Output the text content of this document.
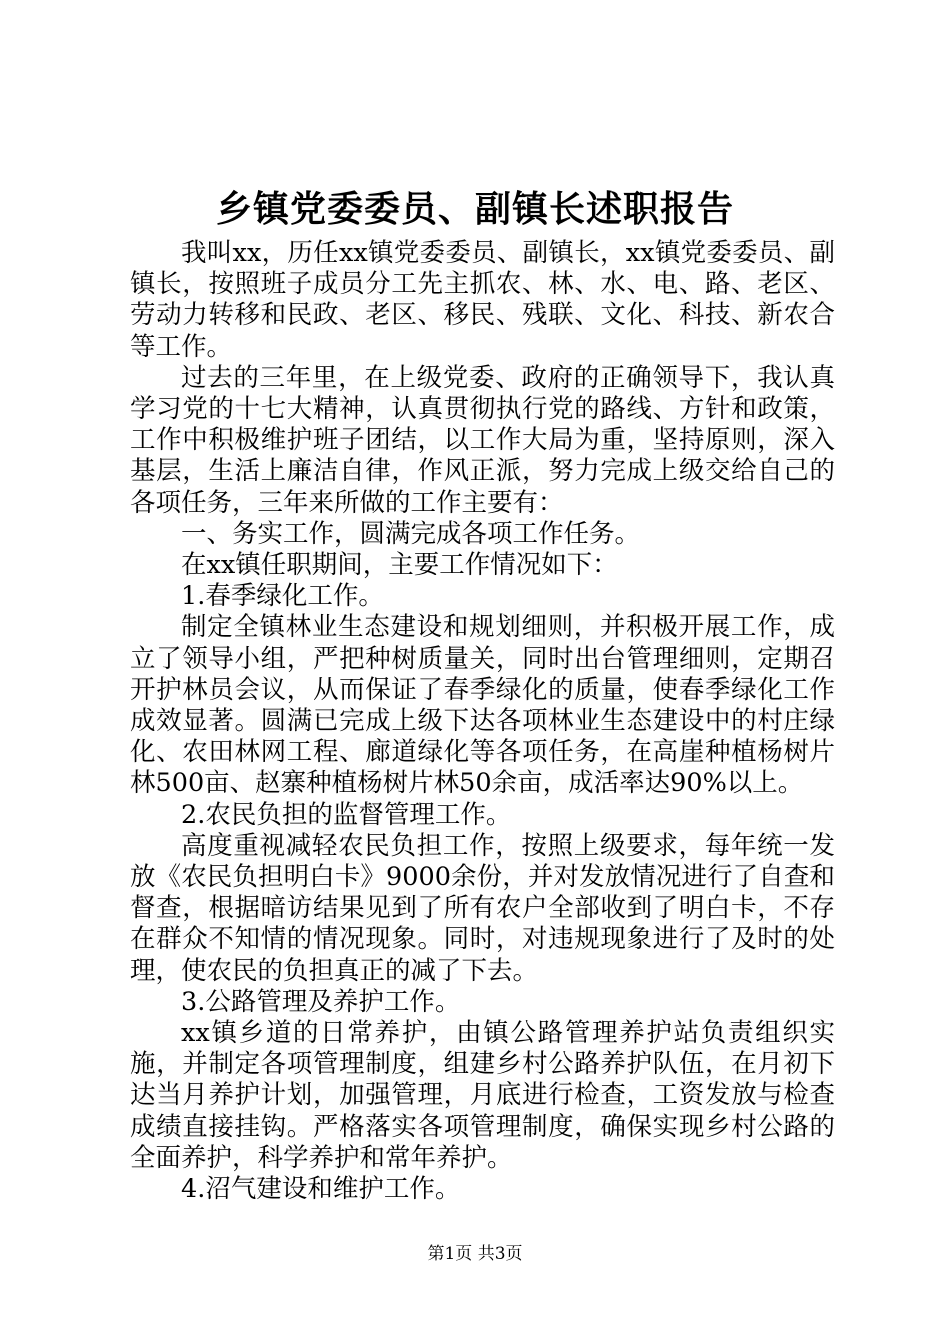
乡镇党委委员、副镇长述职报告

我叫xx，历任xx镇党委委员、副镇长，xx镇党委委员、副镇长，按照班子成员分工先主抓农、林、水、电、路、老区、劳动力转移和民政、老区、移民、残联、文化、科技、新农合等工作。

过去的三年里，在上级党委、政府的正确领导下，我认真学习党的十七大精神，认真贯彻执行党的路线、方针和政策，工作中积极维护班子团结，以工作大局为重，坚持原则，深入基层，生活上廉洁自律，作风正派，努力完成上级交给自己的各项任务，三年来所做的工作主要有：

一、务实工作，圆满完成各项工作任务。

在xx镇任职期间，主要工作情况如下：

1.春季绿化工作。

制定全镇林业生态建设和规划细则，并积极开展工作，成立了领导小组，严把种树质量关，同时出台管理细则，定期召开护林员会议，从而保证了春季绿化的质量，使春季绿化工作成效显著。圆满已完成上级下达各项林业生态建设中的村庄绿化、农田林网工程、廊道绿化等各项任务，在高崖种植杨树片林500亩、赵寨种植杨树片林50余亩，成活率达90%以上。

2.农民负担的监督管理工作。

高度重视减轻农民负担工作，按照上级要求，每年统一发放《农民负担明白卡》9000余份，并对发放情况进行了自查和督查，根据暗访结果见到了所有农户全部收到了明白卡，不存在群众不知情的情况现象。同时，对违规现象进行了及时的处理，使农民的负担真正的减了下去。

3.公路管理及养护工作。

xx镇乡道的日常养护，由镇公路管理养护站负责组织实施，并制定各项管理制度，组建乡村公路养护队伍，在月初下达当月养护计划，加强管理，月底进行检查，工资发放与检查成绩直接挂钩。严格落实各项管理制度，确保实现乡村公路的全面养护，科学养护和常年养护。

4.沼气建设和维护工作。

第1页 共3页
